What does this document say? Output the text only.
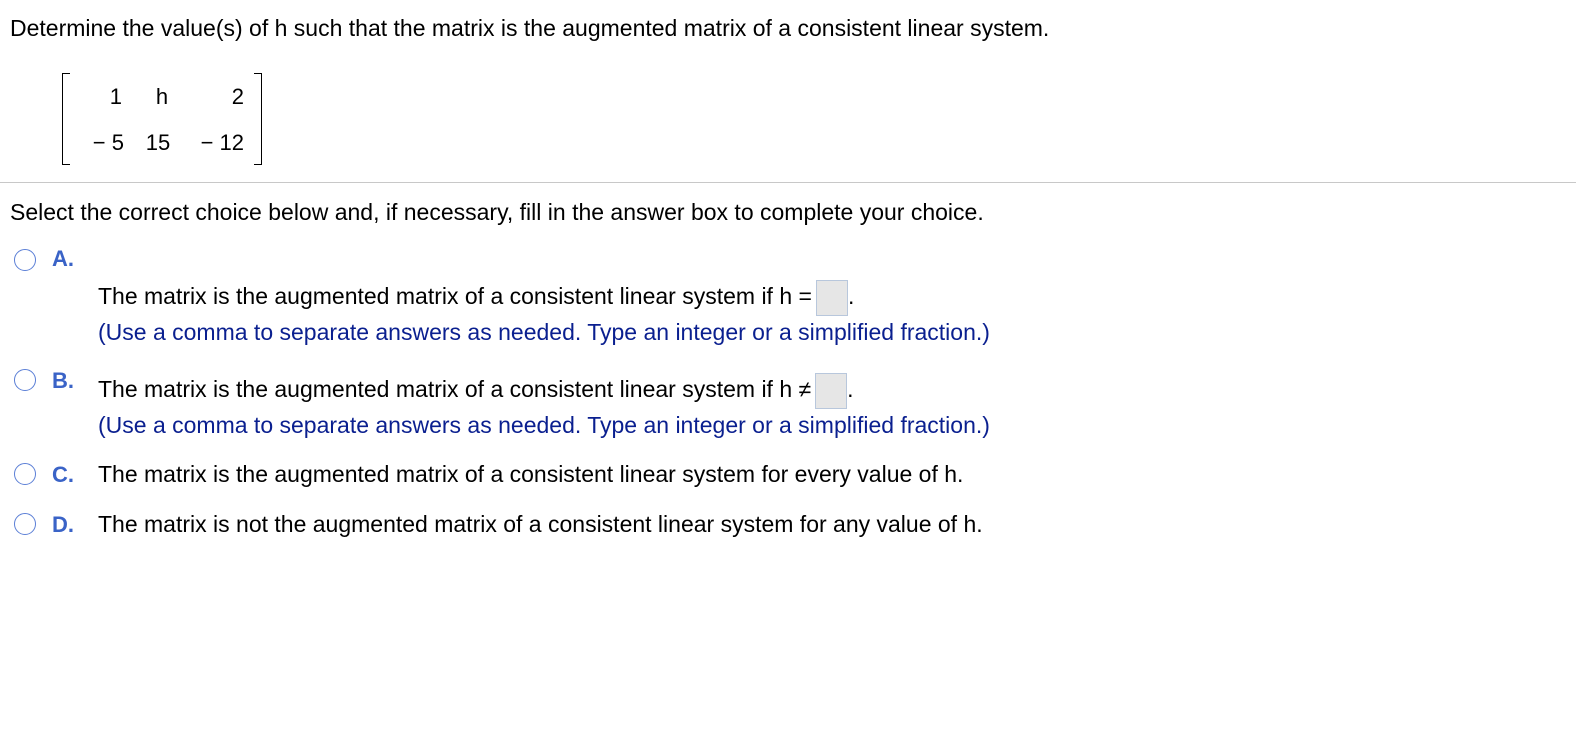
Determine the value(s) of h such that the matrix is the augmented matrix of a consistent linear system.
1 h	2
− 5 15 − 12
Select the correct choice below and, if necessary, fill in the answer box to complete your choice.
A.
The matrix is the augmented matrix of a consistent linear system if h = .
(Use a comma to separate answers as needed. Type an integer or a simplified fraction.)
B. The matrix is the augmented matrix of a consistent linear system if h ≠ .
(Use a comma to separate answers as needed. Type an integer or a simplified fraction.)
C. The matrix is the augmented matrix of a consistent linear system for every value of h.
D. The matrix is not the augmented matrix of a consistent linear system for any value of h.
